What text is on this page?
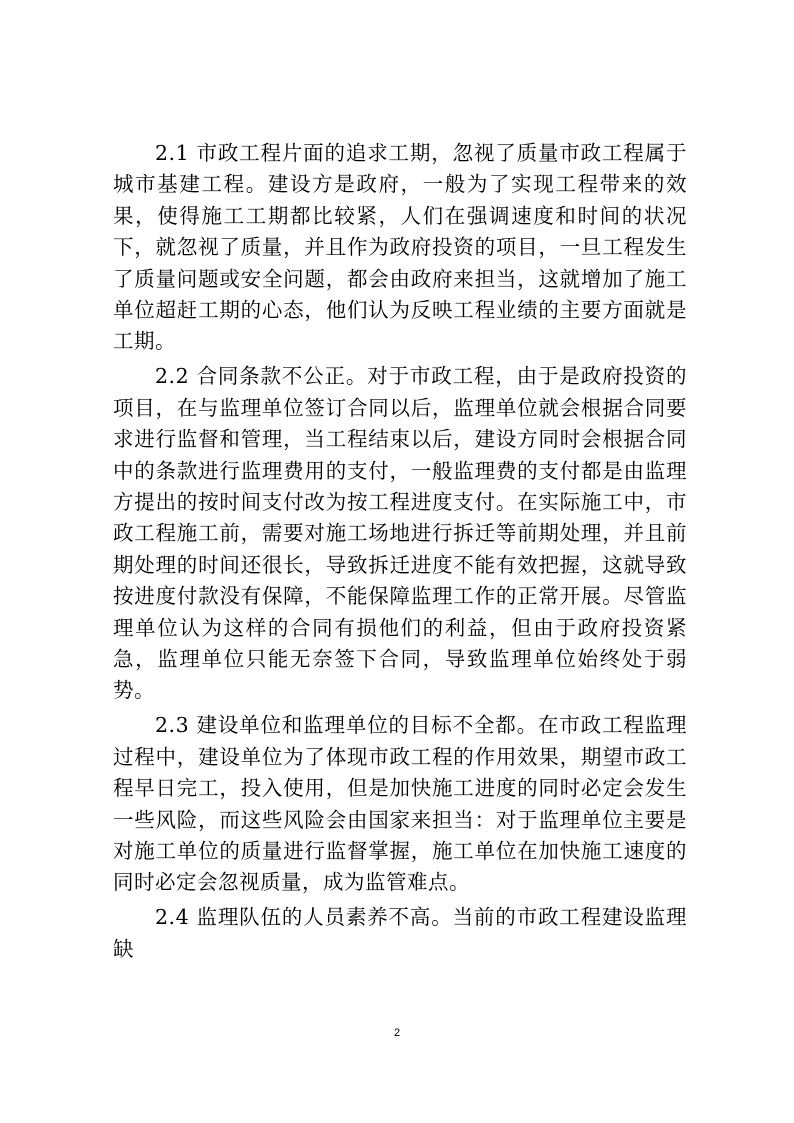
2.1 市政工程片面的追求工期，忽视了质量市政工程属于城市基建工程。建设方是政府，一般为了实现工程带来的效果，使得施工工期都比较紧，人们在强调速度和时间的状况下，就忽视了质量，并且作为政府投资的项目，一旦工程发生了质量问题或安全问题，都会由政府来担当，这就增加了施工单位超赶工期的心态，他们认为反映工程业绩的主要方面就是工期。

2.2 合同条款不公正。对于市政工程，由于是政府投资的项目，在与监理单位签订合同以后，监理单位就会根据合同要求进行监督和管理，当工程结束以后，建设方同时会根据合同中的条款进行监理费用的支付，一般监理费的支付都是由监理方提出的按时间支付改为按工程进度支付。在实际施工中，市政工程施工前，需要对施工场地进行拆迁等前期处理，并且前期处理的时间还很长，导致拆迁进度不能有效把握，这就导致按进度付款没有保障，不能保障监理工作的正常开展。尽管监理单位认为这样的合同有损他们的利益，但由于政府投资紧急，监理单位只能无奈签下合同，导致监理单位始终处于弱势。

2.3 建设单位和监理单位的目标不全都。在市政工程监理过程中，建设单位为了体现市政工程的作用效果，期望市政工程早日完工，投入使用，但是加快施工进度的同时必定会发生一些风险，而这些风险会由国家来担当：对于监理单位主要是对施工单位的质量进行监督掌握，施工单位在加快施工速度的同时必定会忽视质量，成为监管难点。

2.4 监理队伍的人员素养不高。当前的市政工程建设监理缺

2
